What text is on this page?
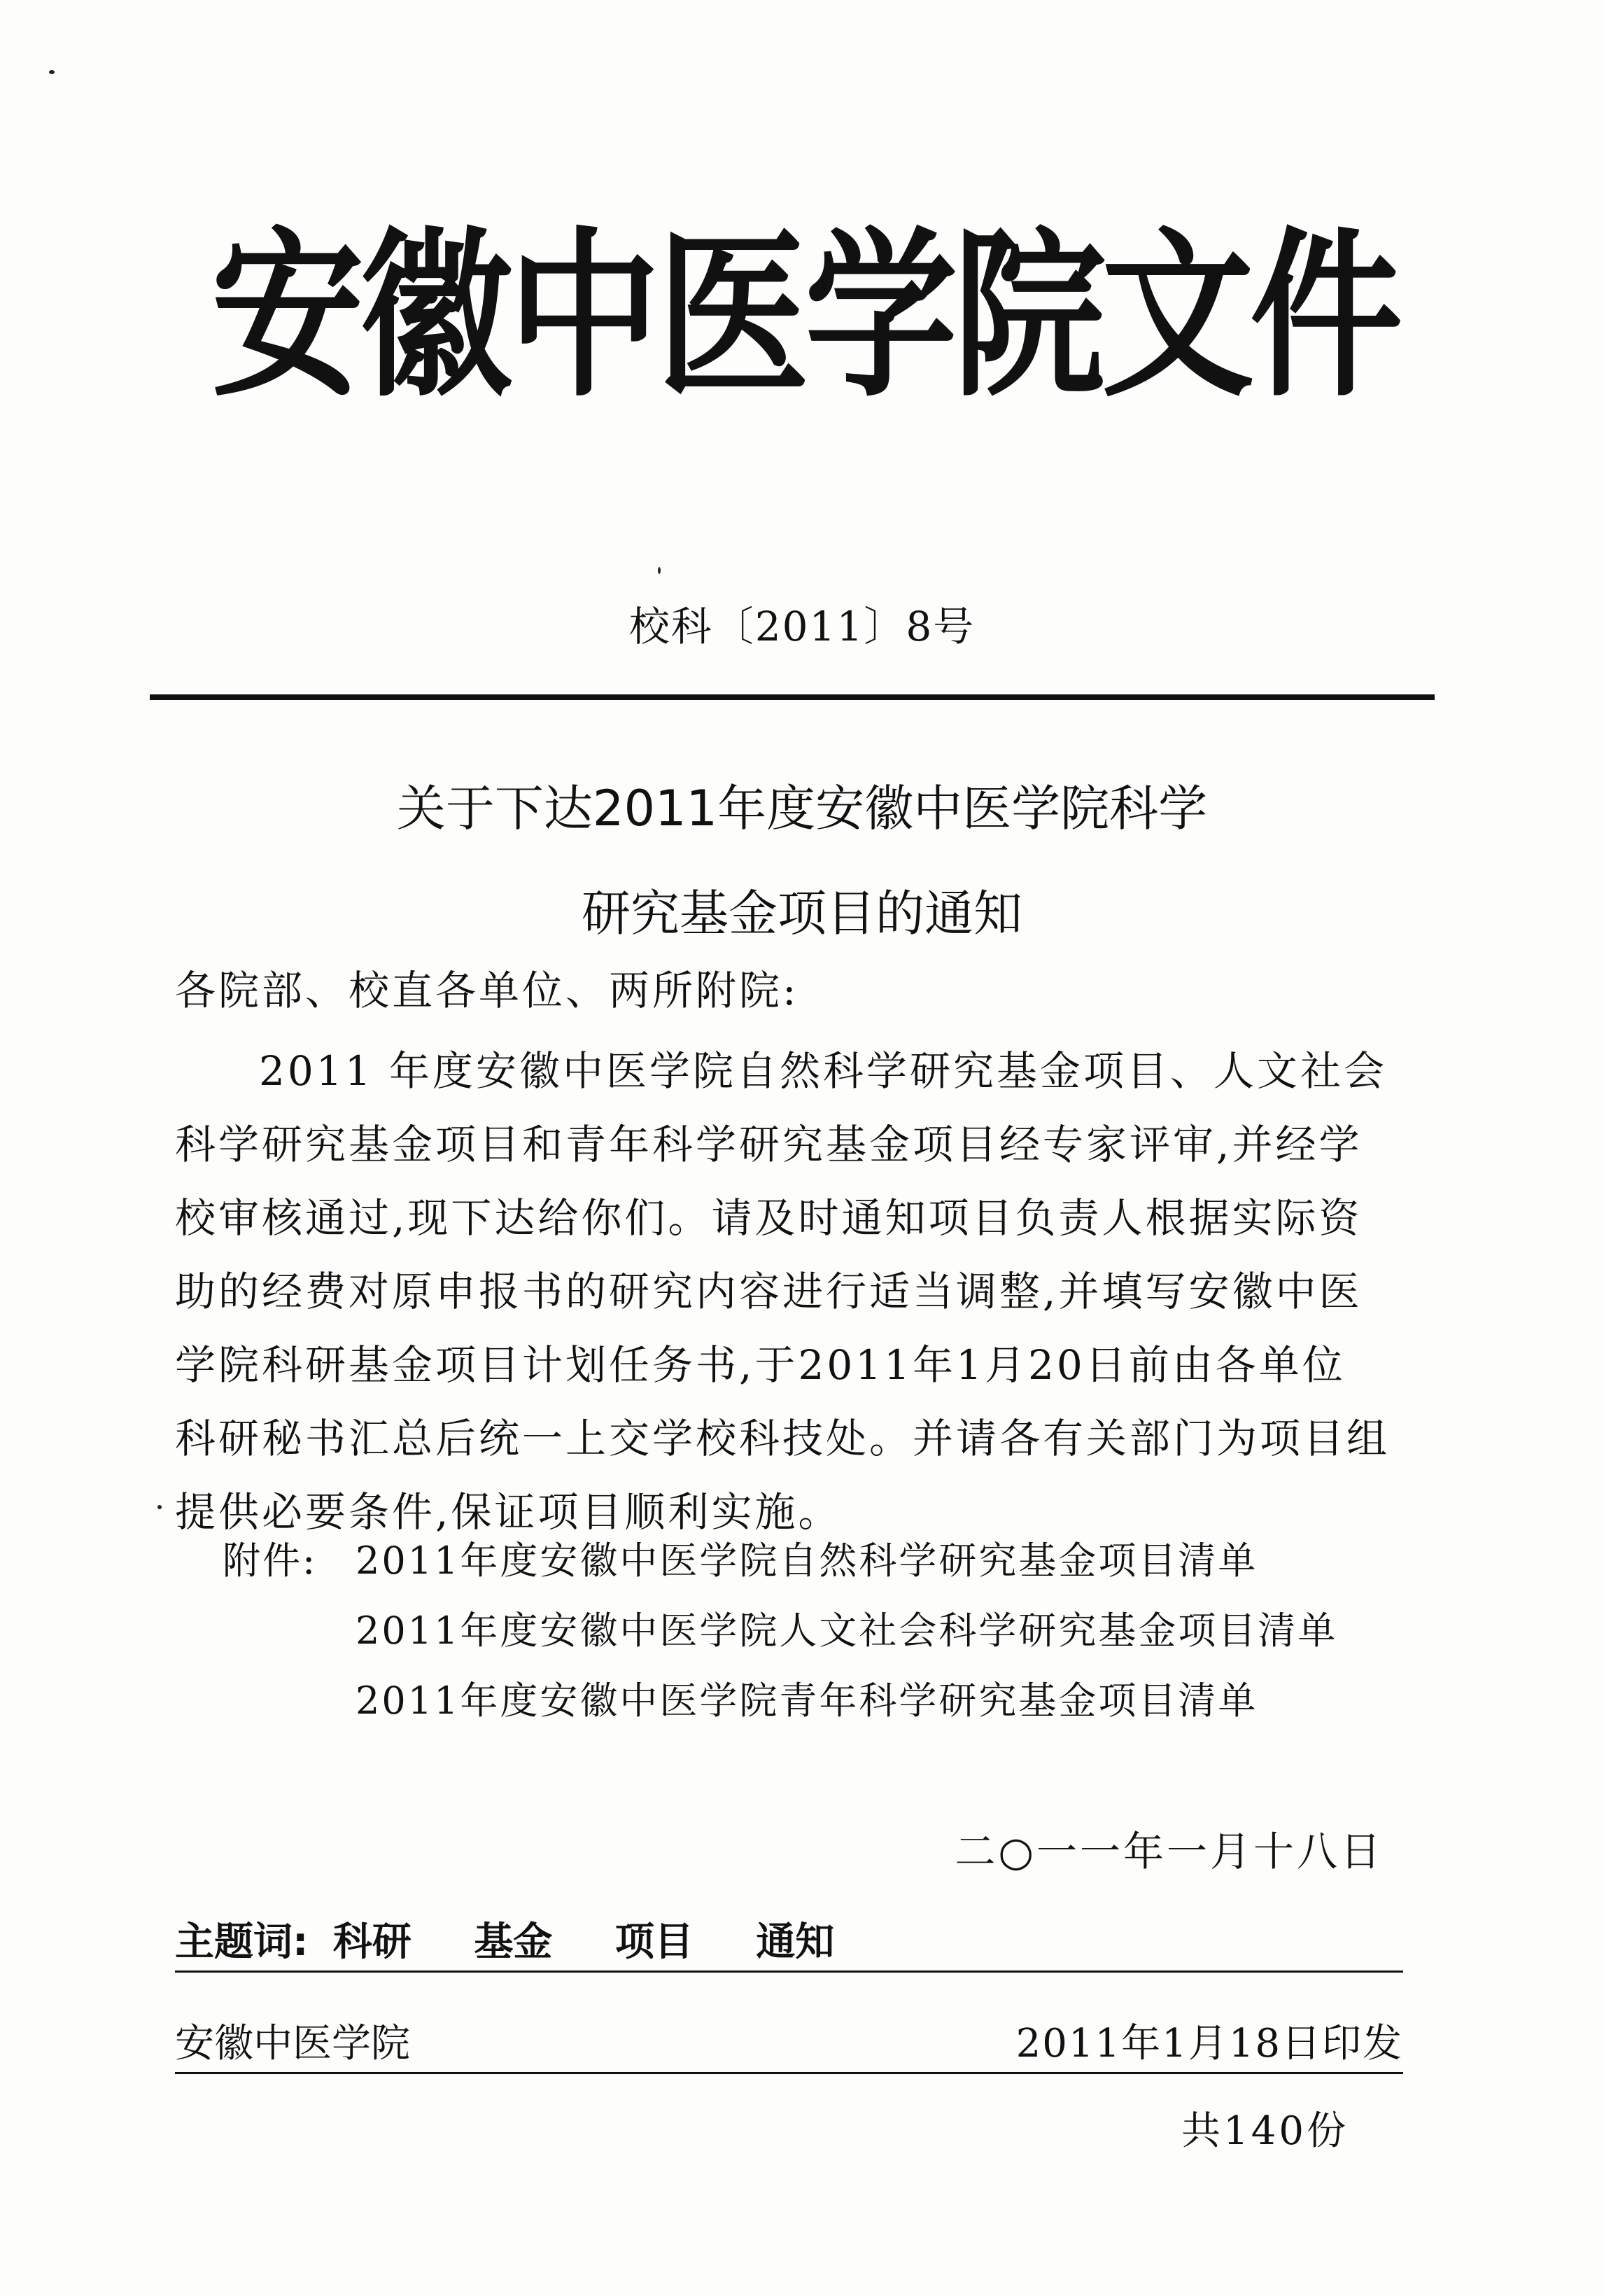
安徽中医学院文件
校科〔2011〕8号
关于下达2011年度安徽中医学院科学
研究基金项目的通知
各院部、校直各单位、两所附院:
2011 年度安徽中医学院自然科学研究基金项目、人文社会
科学研究基金项目和青年科学研究基金项目经专家评审,并经学
校审核通过,现下达给你们。请及时通知项目负责人根据实际资
助的经费对原申报书的研究内容进行适当调整,并填写安徽中医
学院科研基金项目计划任务书,于2011年1月20日前由各单位
科研秘书汇总后统一上交学校科技处。并请各有关部门为项目组
提供必要条件,保证项目顺利实施。
附件: 2011年度安徽中医学院自然科学研究基金项目清单
2011年度安徽中医学院人文社会科学研究基金项目清单
2011年度安徽中医学院青年科学研究基金项目清单
二○一一年一月十八日
主题词: 科研 基金 项目 通知
安徽中医学院	2011年1月18日印发
共140份
